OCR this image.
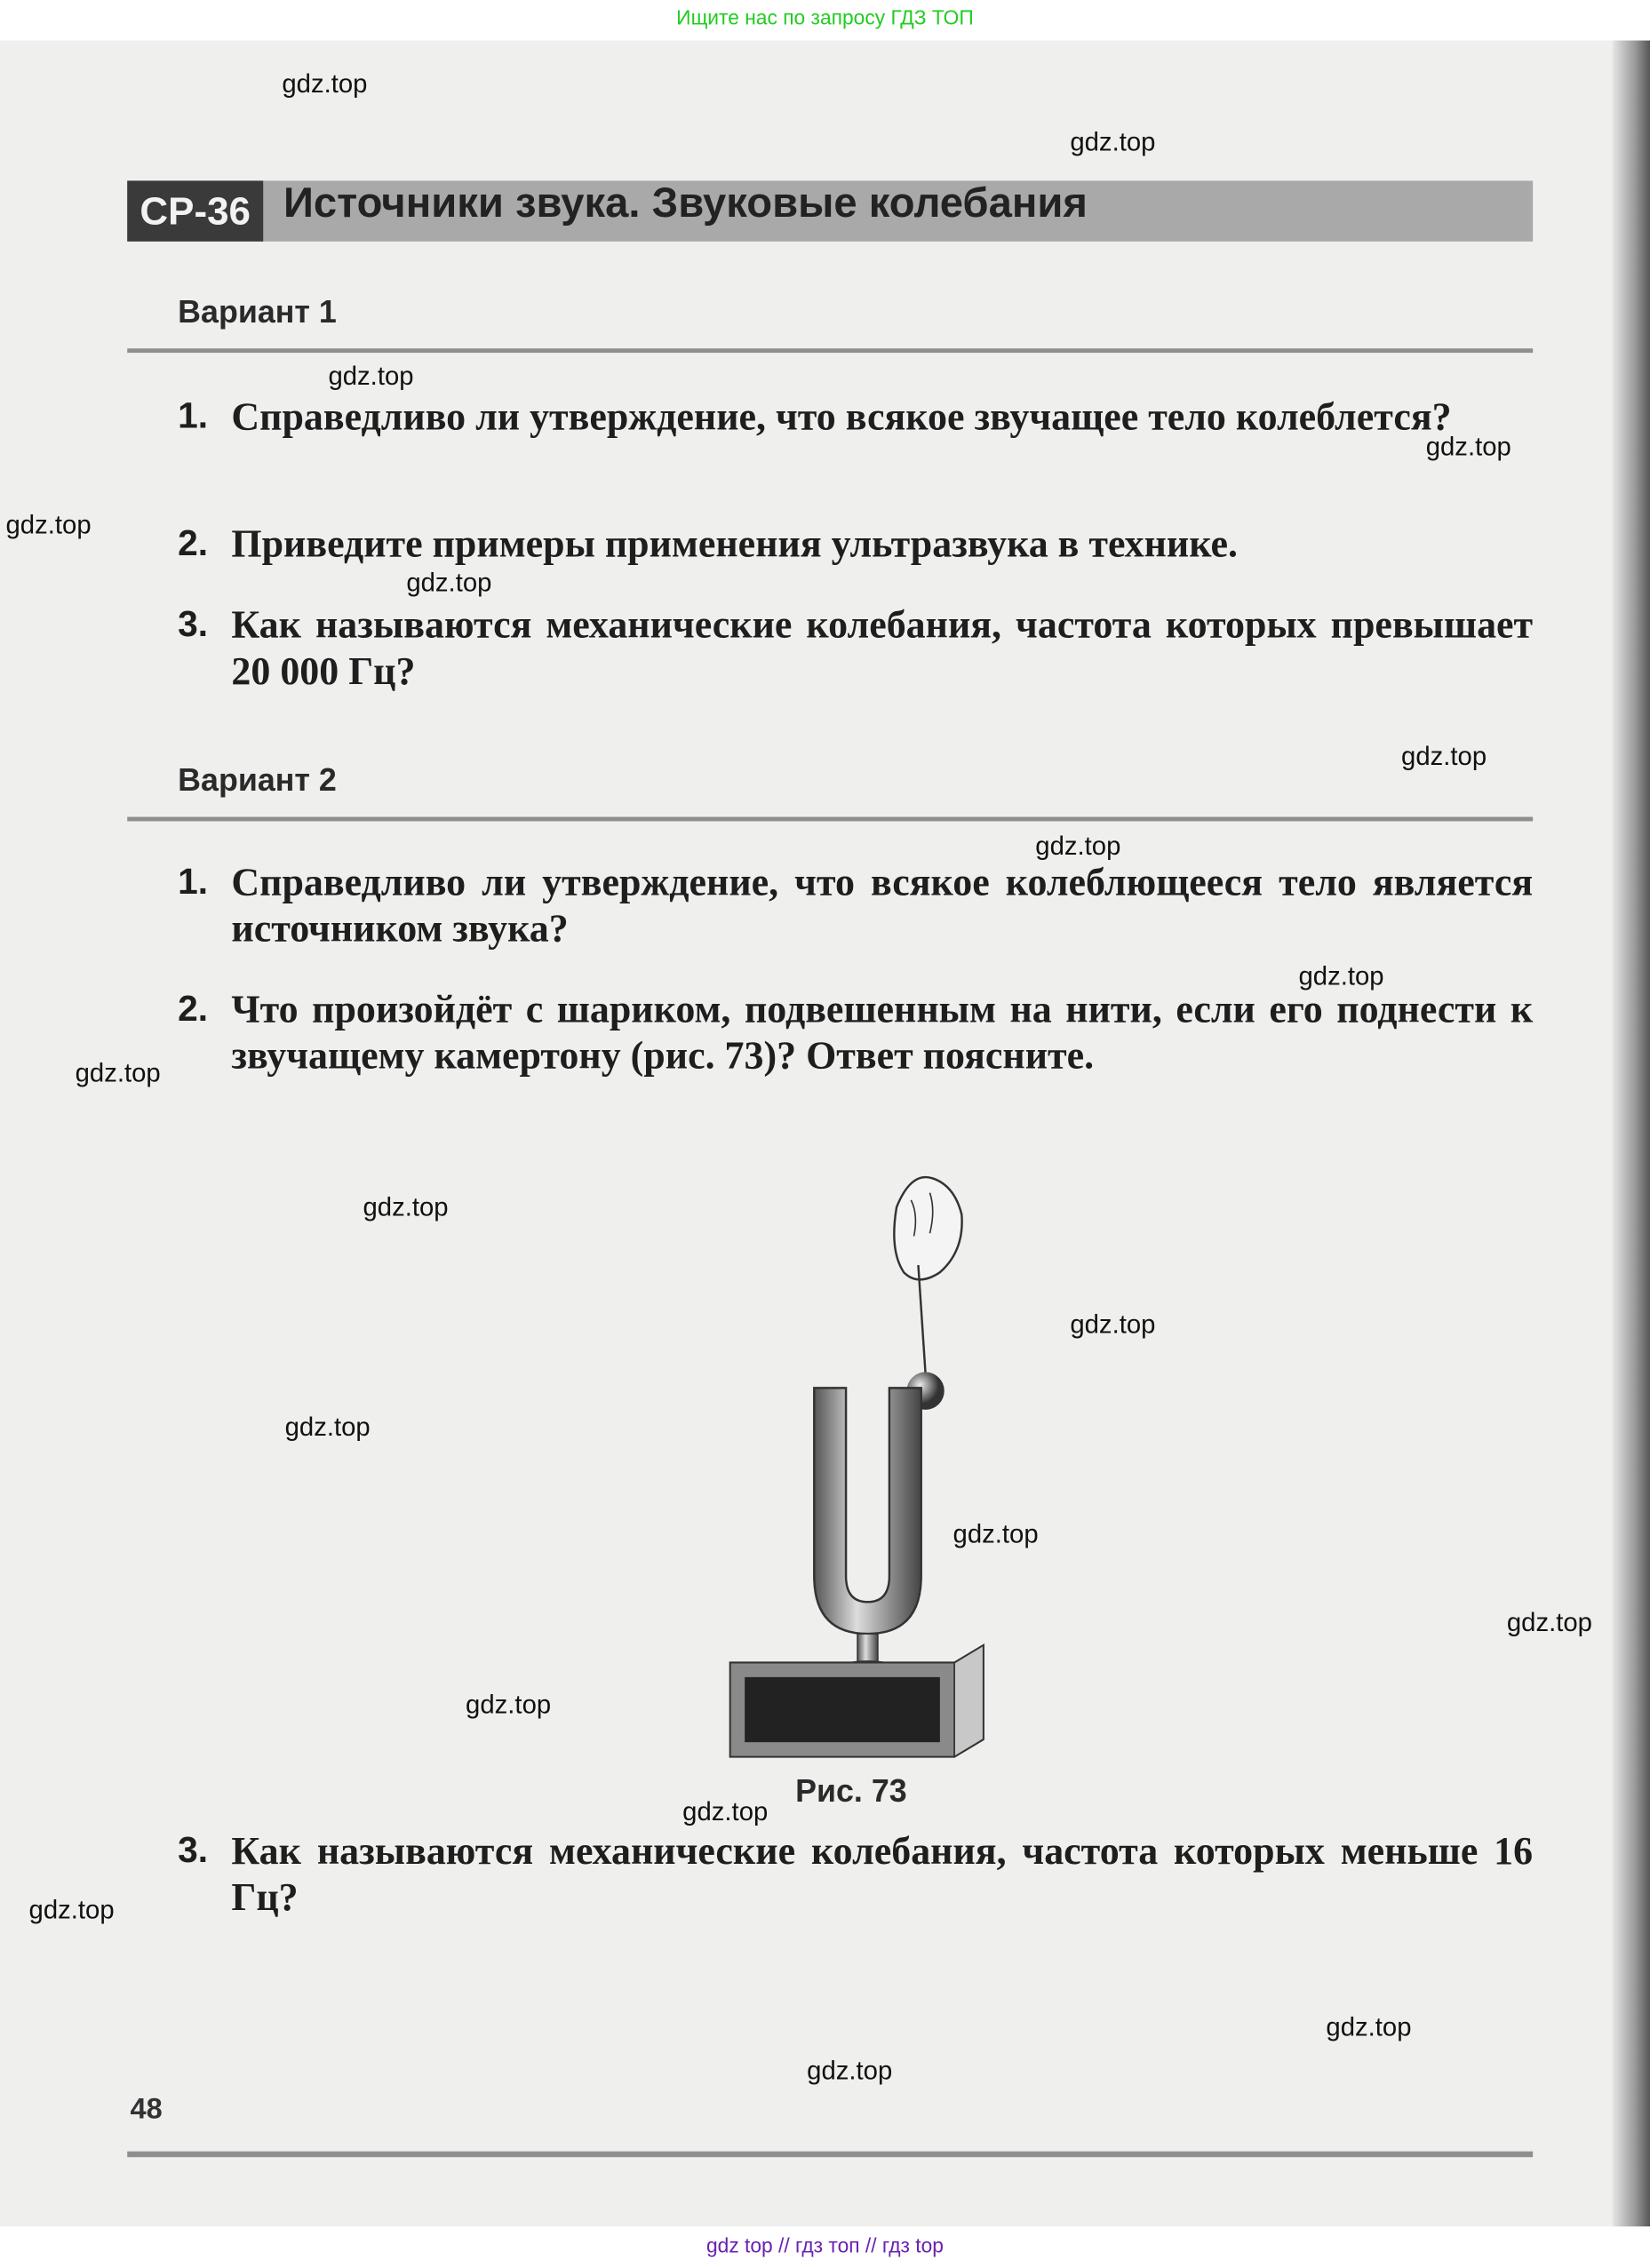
Ищите нас по запросу ГДЗ ТОП
СР-36	Источники звука. Звуковые колебания
Вариант 1
1. Справедливо ли утверждение, что всякое звучащее тело колеблется?
2. Приведите примеры применения ультразвука в технике.
3. Как называются механические колебания, частота которых превышает 20 000 Гц?
Вариант 2
1. Справедливо ли утверждение, что всякое колеблющееся тело является источником звука?
2. Что произойдёт с шариком, подвешенным на нити, если его поднести к звучащему камертону (рис. 73)? Ответ поясните.
Рис. 73
3. Как называются механические колебания, частота которых меньше 16 Гц?
48
gdz.top
gdz.top
gdz.top
gdz.top
gdz.top
gdz.top
gdz.top
gdz.top
gdz.top
gdz.top
gdz.top
gdz.top
gdz.top
gdz.top
gdz.top
gdz.top
gdz.top
gdz.top
gdz.top
gdz.top
gdz top // гдз топ // гдз top
